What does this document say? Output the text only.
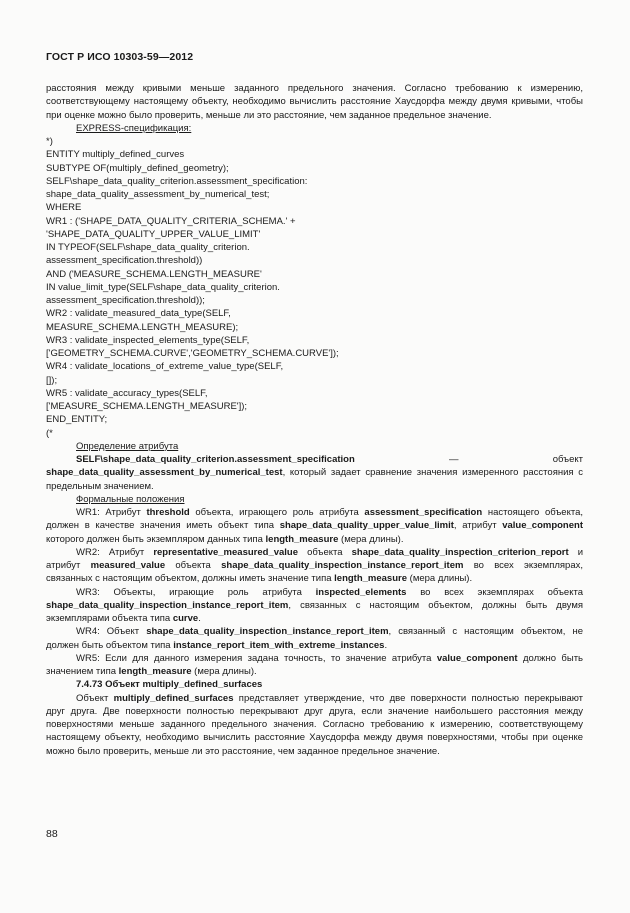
ГОСТ Р ИСО 10303-59—2012

расстояния между кривыми меньше заданного предельного значения. Согласно требованию к измерению, соответствующему настоящему объекту, необходимо вычислить расстояние Хаусдорфа между двумя кривыми, чтобы при оценке можно было проверить, меньше ли это расстояние, чем заданное предельное значение.

EXPRESS-спецификация:

*)

ENTITY multiply_defined_curves

SUBTYPE OF(multiply_defined_geometry);

SELF\shape_data_quality_criterion.assessment_specification:

shape_data_quality_assessment_by_numerical_test;

WHERE

WR1 : ('SHAPE_DATA_QUALITY_CRITERIA_SCHEMA.' +

'SHAPE_DATA_QUALITY_UPPER_VALUE_LIMIT'

IN TYPEOF(SELF\shape_data_quality_criterion.

assessment_specification.threshold))

AND ('MEASURE_SCHEMA.LENGTH_MEASURE'

IN value_limit_type(SELF\shape_data_quality_criterion.

assessment_specification.threshold));

WR2 : validate_measured_data_type(SELF,

MEASURE_SCHEMA.LENGTH_MEASURE);

WR3 : validate_inspected_elements_type(SELF,

['GEOMETRY_SCHEMA.CURVE','GEOMETRY_SCHEMA.CURVE']);

WR4 : validate_locations_of_extreme_value_type(SELF,

[]);

WR5 : validate_accuracy_types(SELF,

['MEASURE_SCHEMA.LENGTH_MEASURE']);

END_ENTITY;

(*

Определение атрибута

SELF\shape_data_quality_criterion.assessment_specification — объект shape_data_quality_assessment_by_numerical_test, который задает сравнение значения измеренного расстояния с предельным значением.

Формальные положения

WR1: Атрибут threshold объекта, играющего роль атрибута assessment_specification настоящего объекта, должен в качестве значения иметь объект типа shape_data_quality_upper_value_limit, атрибут value_component которого должен быть экземпляром данных типа length_measure (мера длины).

WR2: Атрибут representative_measured_value объекта shape_data_quality_inspection_criterion_report и атрибут measured_value объекта shape_data_quality_inspection_instance_report_item во всех экземплярах, связанных с настоящим объектом, должны иметь значение типа length_measure (мера длины).

WR3: Объекты, играющие роль атрибута inspected_elements во всех экземплярах объекта shape_data_quality_inspection_instance_report_item, связанных с настоящим объектом, должны быть двумя экземплярами объекта типа curve.

WR4: Объект shape_data_quality_inspection_instance_report_item, связанный с настоящим объектом, не должен быть объектом типа instance_report_item_with_extreme_instances.

WR5: Если для данного измерения задана точность, то значение атрибута value_component должно быть значением типа length_measure (мера длины).

7.4.73 Объект multiply_defined_surfaces

Объект multiply_defined_surfaces представляет утверждение, что две поверхности полностью перекрывают друг друга. Две поверхности полностью перекрывают друг друга, если значение наибольшего расстояния между поверхностями меньше заданного предельного значения. Согласно требованию к измерению, соответствующему настоящему объекту, необходимо вычислить расстояние Хаусдорфа между двумя поверхностями, чтобы при оценке можно было проверить, меньше ли это расстояние, чем заданное предельное значение.

88
